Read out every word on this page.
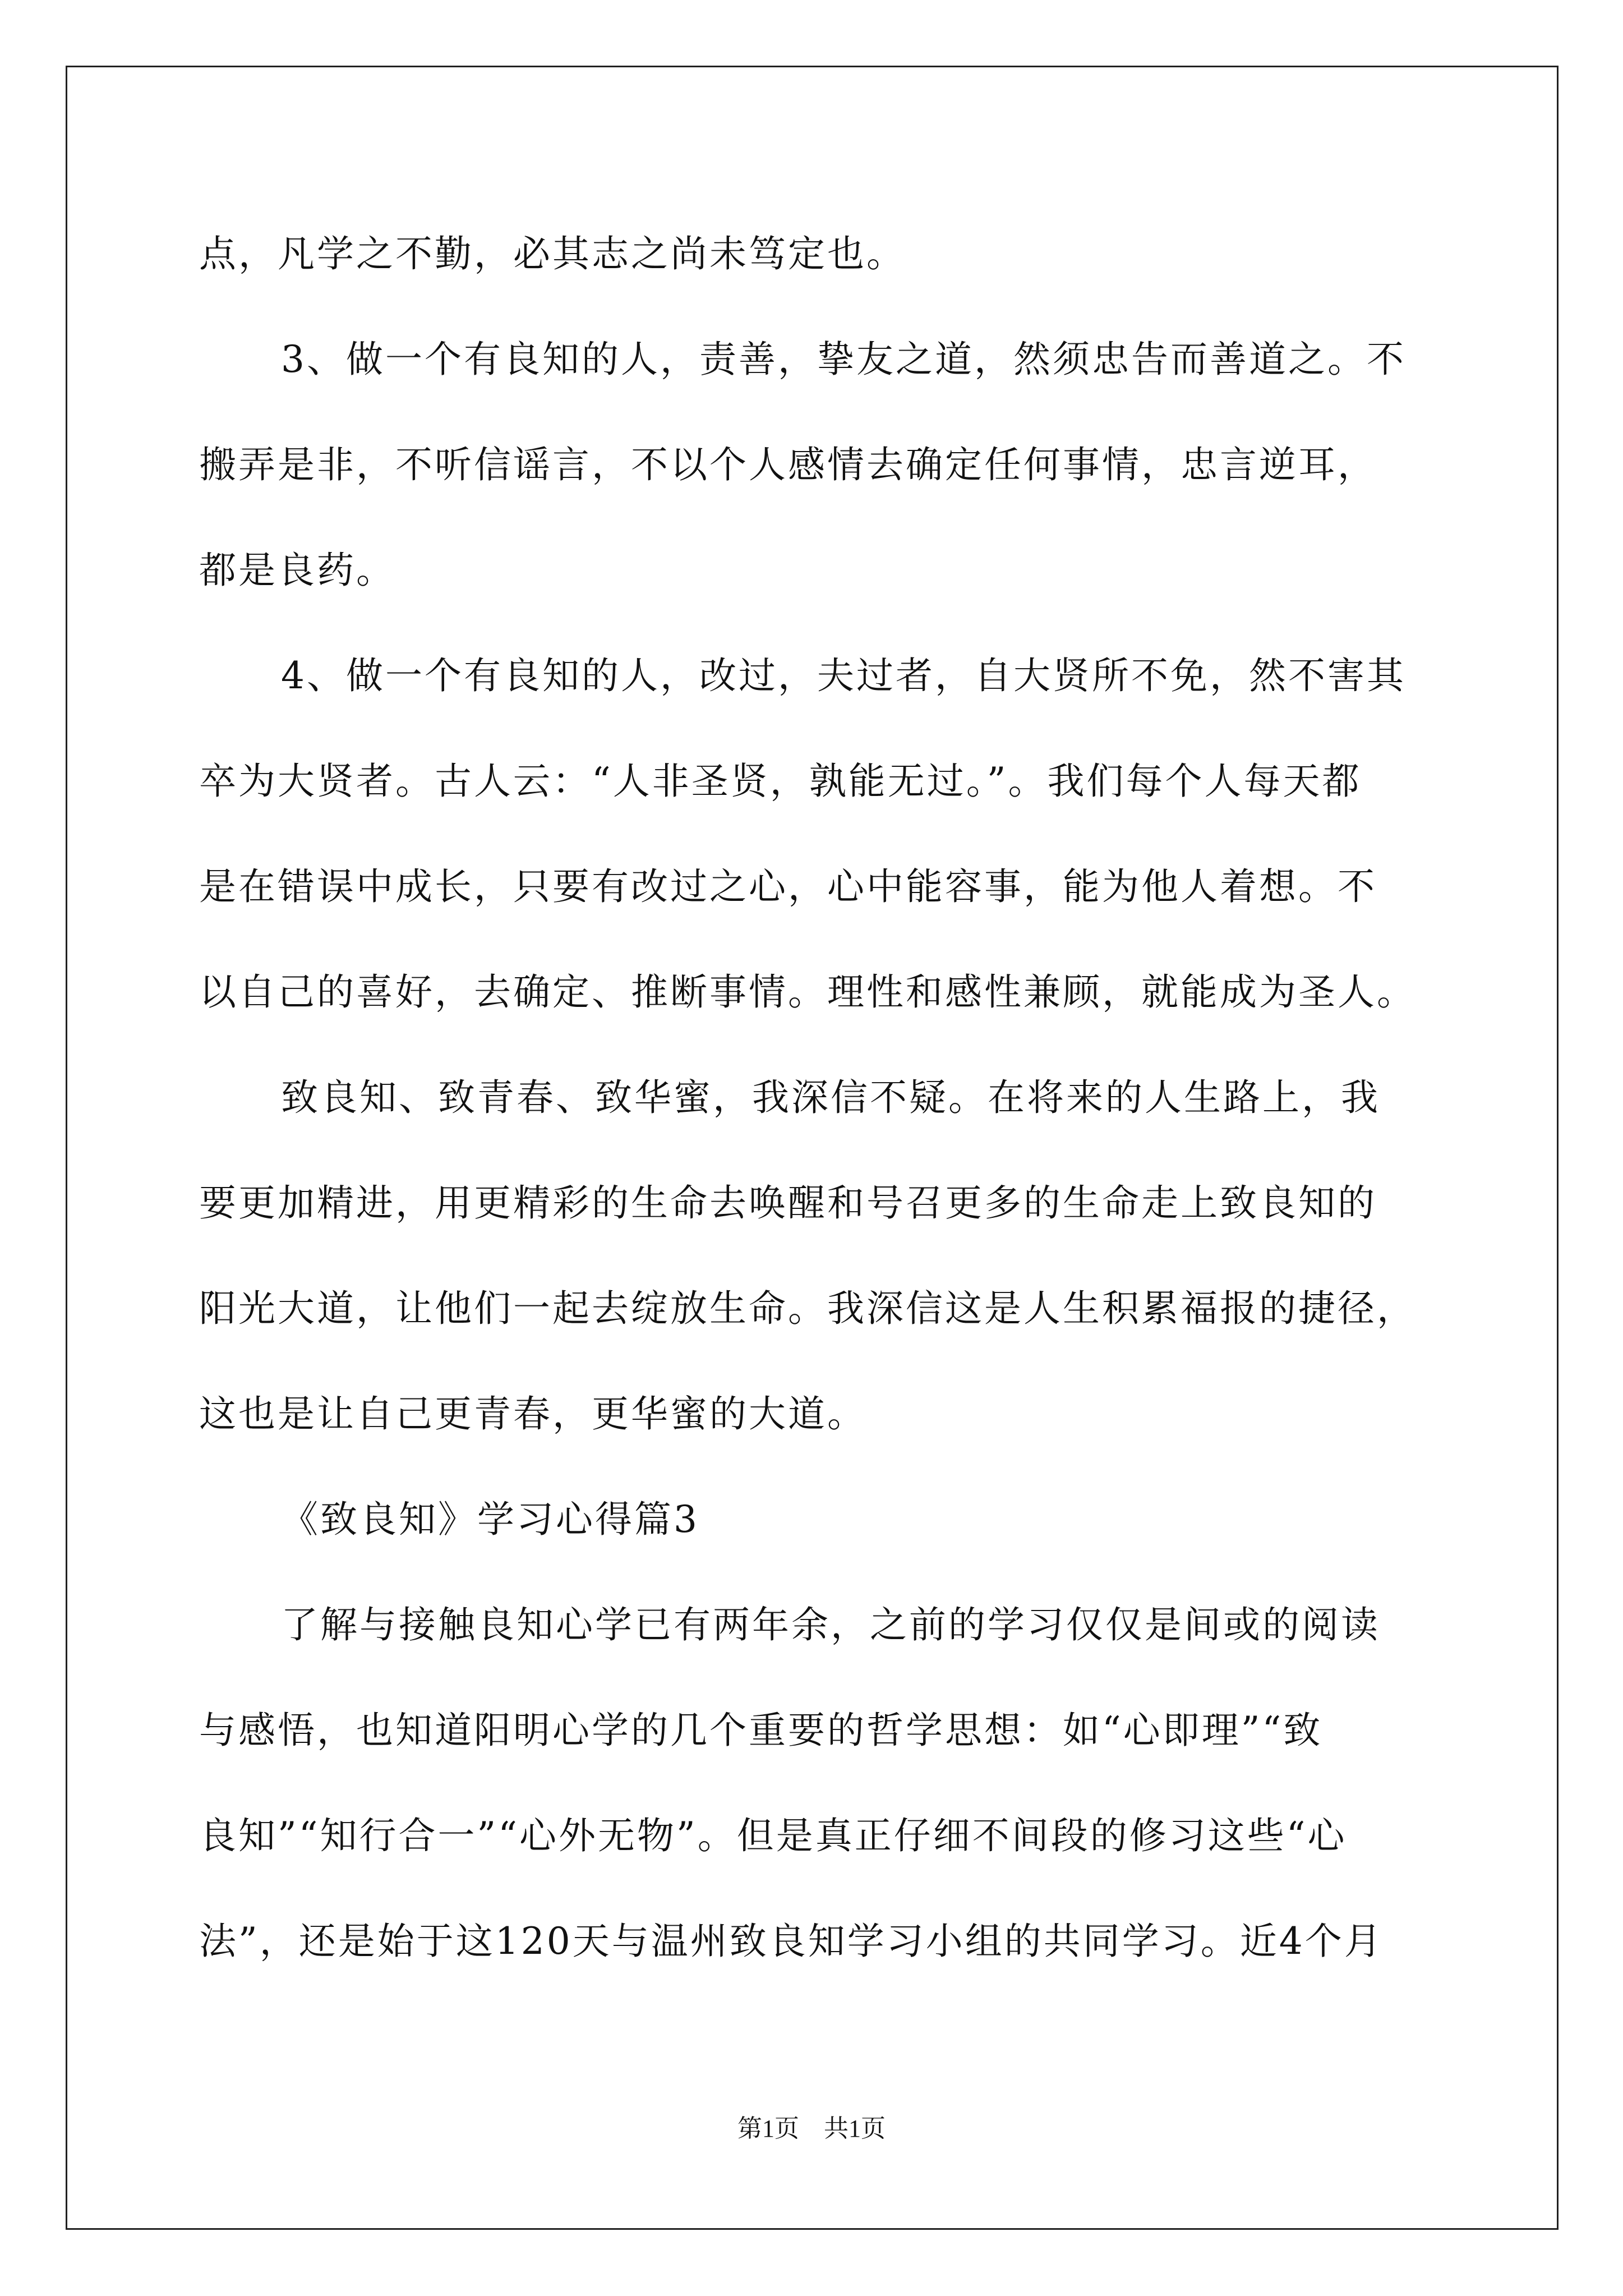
点，凡学之不勤，必其志之尚未笃定也。
3、做一个有良知的人，责善，挚友之道，然须忠告而善道之。不
搬弄是非，不听信谣言，不以个人感情去确定任何事情，忠言逆耳，
都是良药。
4、做一个有良知的人，改过，夫过者，自大贤所不免，然不害其
卒为大贤者。古人云：“人非圣贤，孰能无过。”。我们每个人每天都
是在错误中成长，只要有改过之心，心中能容事，能为他人着想。不
以自己的喜好，去确定、推断事情。理性和感性兼顾，就能成为圣人。
致良知、致青春、致华蜜，我深信不疑。在将来的人生路上，我
要更加精进，用更精彩的生命去唤醒和号召更多的生命走上致良知的
阳光大道，让他们一起去绽放生命。我深信这是人生积累福报的捷径，
这也是让自己更青春，更华蜜的大道。
《致良知》学习心得篇3
了解与接触良知心学已有两年余，之前的学习仅仅是间或的阅读
与感悟，也知道阳明心学的几个重要的哲学思想：如“心即理”“致
良知”“知行合一”“心外无物”。但是真正仔细不间段的修习这些“心
法”，还是始于这120天与温州致良知学习小组的共同学习。近4个月
第1页　共1页
